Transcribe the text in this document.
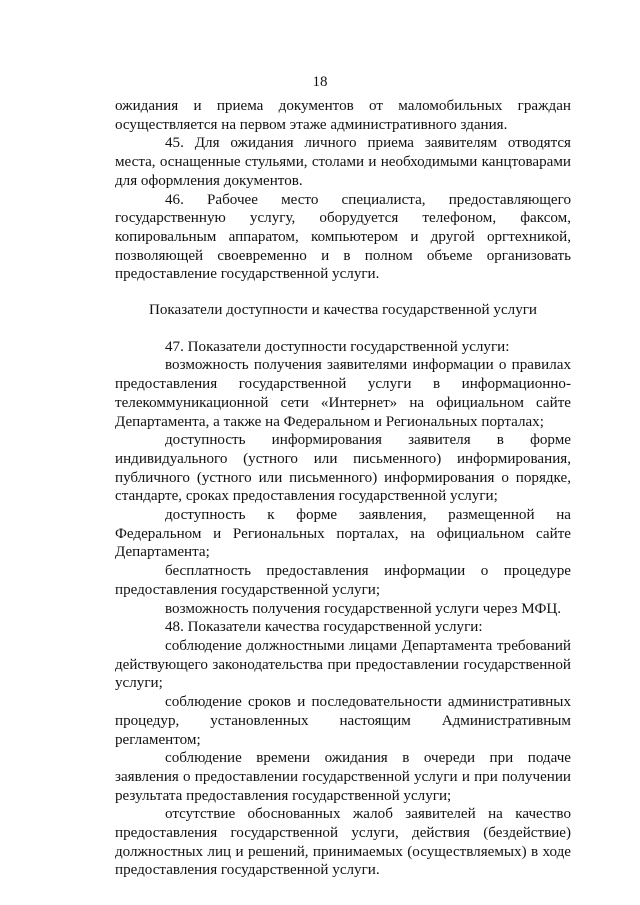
18

ожидания и приема документов от маломобильных граждан осуществляется на первом этаже административного здания.

45. Для ожидания личного приема заявителям отводятся места, оснащенные стульями, столами и необходимыми канцтоварами для оформления документов.

46. Рабочее место специалиста, предоставляющего государственную услугу, оборудуется телефоном, факсом, копировальным аппаратом, компьютером и другой оргтехникой, позволяющей своевременно и в полном объеме организовать предоставление государственной услуги.

Показатели доступности и качества государственной услуги

47. Показатели доступности государственной услуги:

возможность получения заявителями информации о правилах предоставления государственной услуги в информационно-телекоммуникационной сети «Интернет» на официальном сайте Департамента, а также на Федеральном и Региональных порталах;

доступность информирования заявителя в форме индивидуального (устного или письменного) информирования, публичного (устного или письменного) информирования о порядке, стандарте, сроках предоставления государственной услуги;

доступность к форме заявления, размещенной на Федеральном и Региональных порталах, на официальном сайте Департамента;

бесплатность предоставления информации о процедуре предоставления государственной услуги;

возможность получения государственной услуги через МФЦ.

48. Показатели качества государственной услуги:

соблюдение должностными лицами Департамента требований действующего законодательства при предоставлении государственной услуги;

соблюдение сроков и последовательности административных процедур, установленных настоящим Административным регламентом;

соблюдение времени ожидания в очереди при подаче заявления о предоставлении государственной услуги и при получении результата предоставления государственной услуги;

отсутствие обоснованных жалоб заявителей на качество предоставления государственной услуги, действия (бездействие) должностных лиц и решений, принимаемых (осуществляемых) в ходе предоставления государственной услуги.
